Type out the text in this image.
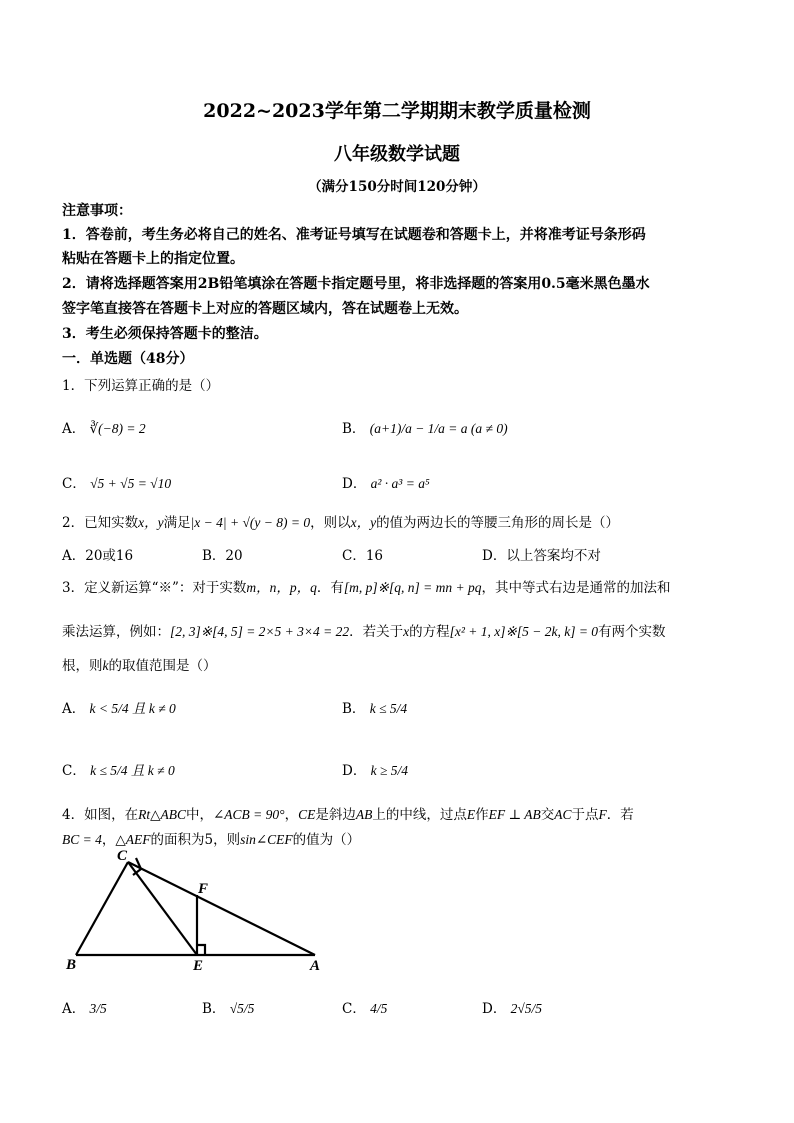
2022~2023学年第二学期期末教学质量检测
八年级数学试题
（满分150分时间120分钟）
注意事项：
1．答卷前，考生务必将自己的姓名、准考证号填写在试题卷和答题卡上，并将准考证号条形码
粘贴在答题卡上的指定位置。
2．请将选择题答案用2B铅笔填涂在答题卡指定题号里，将非选择题的答案用0.5毫米黑色墨水
签字笔直接答在答题卡上对应的答题区域内，答在试题卷上无效。
3．考生必须保持答题卡的整洁。
一．单选题（48分）
1．下列运算正确的是（）
A． ∛(−8) = 2	B． (a+1)/a − 1/a = a (a ≠ 0)
C． √5 + √5 = √10	D． a² · a³ = a⁵
2．已知实数x，y满足|x − 4| + √(y − 8) = 0，则以x，y的值为两边长的等腰三角形的周长是（）
A．20或16	B．20	C．16	D．以上答案均不对
3．定义新运算“※”：对于实数m，n，p，q．有[m, p]※[q, n] = mn + pq，其中等式右边是通常的加法和
乘法运算，例如：[2, 3]※[4, 5] = 2×5 + 3×4 = 22．若关于x的方程[x² + 1, x]※[5 − 2k, k] = 0有两个实数
根，则k的取值范围是（）
A． k < 5/4 且 k ≠ 0	B． k ≤ 5/4
C． k ≤ 5/4 且 k ≠ 0	D． k ≥ 5/4
4．如图，在Rt△ABC中，∠ACB = 90°，CE是斜边AB上的中线，过点E作EF ⊥ AB交AC于点F．若
BC = 4，△AEF的面积为5，则sin∠CEF的值为（）
C
F
B	E	A
A． 3/5	B． √5/5	C． 4/5	D． 2√5/5
